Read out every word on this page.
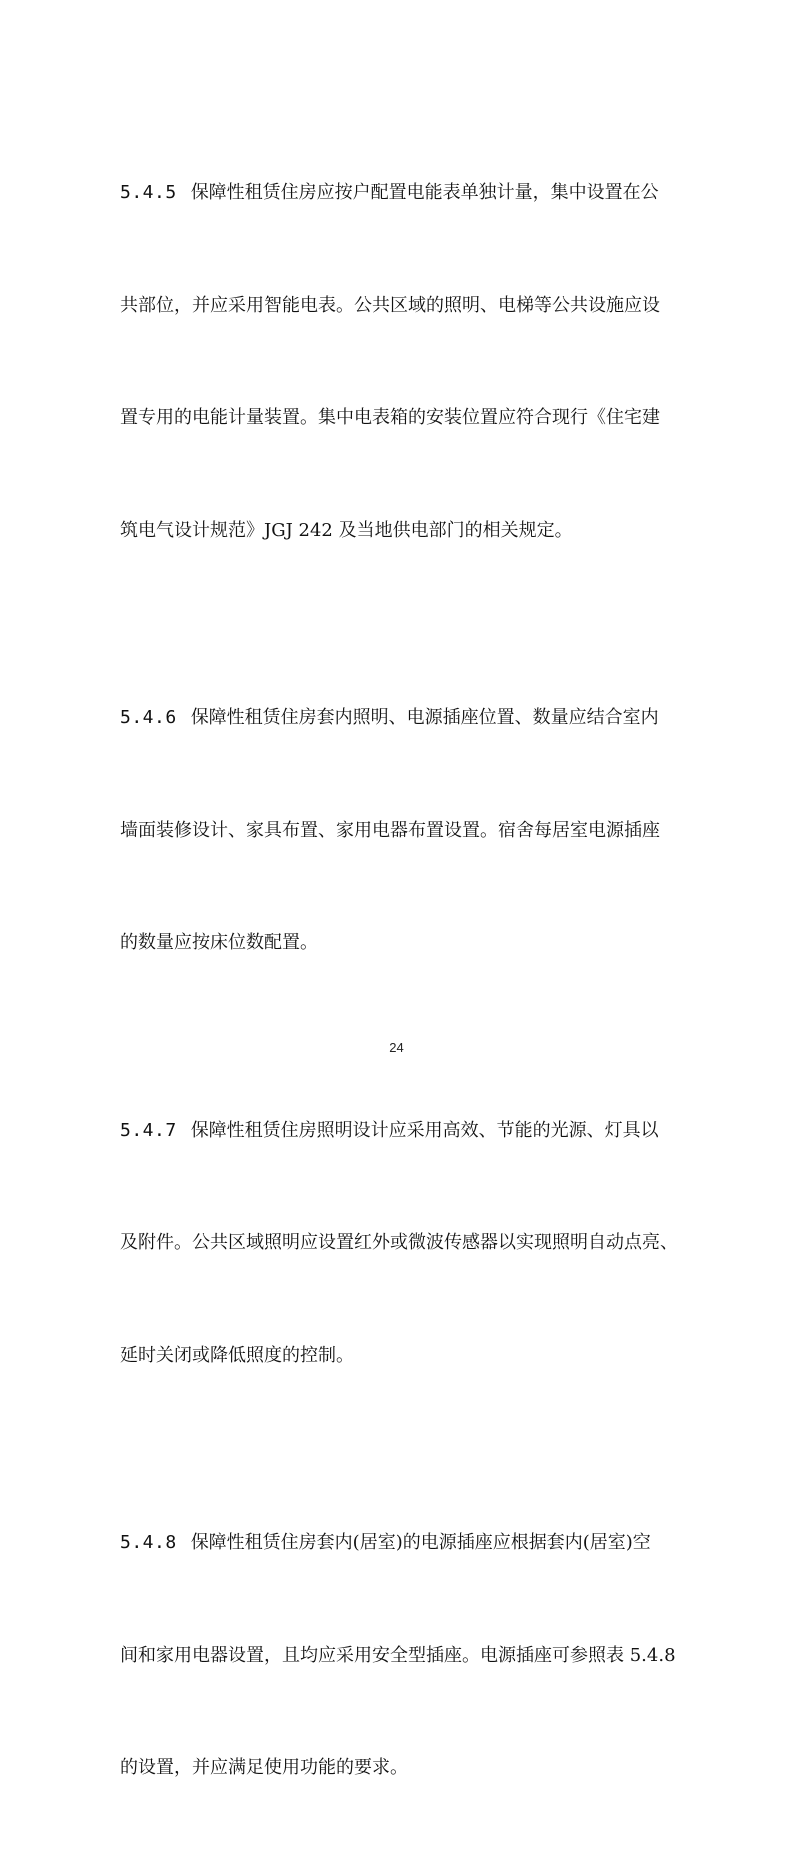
5.4.5 保障性租赁住房应按户配置电能表单独计量，集中设置在公

共部位，并应采用智能电表。公共区域的照明、电梯等公共设施应设

置专用的电能计量装置。集中电表箱的安装位置应符合现行《住宅建

筑电气设计规范》JGJ 242 及当地供电部门的相关规定。

5.4.6 保障性租赁住房套内照明、电源插座位置、数量应结合室内

墙面装修设计、家具布置、家用电器布置设置。宿舍每居室电源插座

的数量应按床位数配置。

5.4.7 保障性租赁住房照明设计应采用高效、节能的光源、灯具以

及附件。公共区域照明应设置红外或微波传感器以实现照明自动点亮、

延时关闭或降低照度的控制。

5.4.8 保障性租赁住房套内(居室)的电源插座应根据套内(居室)空

间和家用电器设置，且均应采用安全型插座。电源插座可参照表 5.4.8

的设置，并应满足使用功能的要求。

24
